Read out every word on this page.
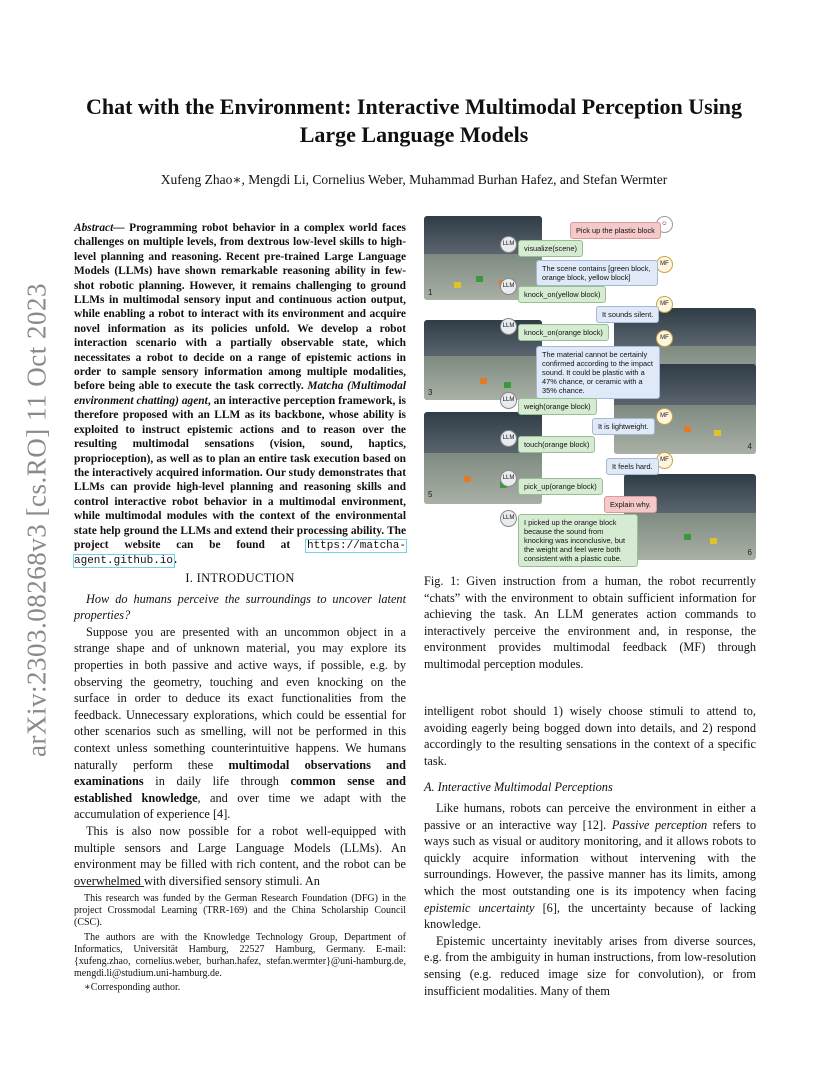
arXiv:2303.08268v3 [cs.RO] 11 Oct 2023
Chat with the Environment: Interactive Multimodal Perception Using Large Language Models
Xufeng Zhao∗, Mengdi Li, Cornelius Weber, Muhammad Burhan Hafez, and Stefan Wermter
Abstract— Programming robot behavior in a complex world faces challenges on multiple levels, from dextrous low-level skills to high-level planning and reasoning. Recent pre-trained Large Language Models (LLMs) have shown remarkable reasoning ability in few-shot robotic planning. However, it remains challenging to ground LLMs in multimodal sensory input and continuous action output, while enabling a robot to interact with its environment and acquire novel information as its policies unfold. We develop a robot interaction scenario with a partially observable state, which necessitates a robot to decide on a range of epistemic actions in order to sample sensory information among multiple modalities, before being able to execute the task correctly. Matcha (Multimodal environment chatting) agent, an interactive perception framework, is therefore proposed with an LLM as its backbone, whose ability is exploited to instruct epistemic actions and to reason over the resulting multimodal sensations (vision, sound, haptics, proprioception), as well as to plan an entire task execution based on the interactively acquired information. Our study demonstrates that LLMs can provide high-level planning and reasoning skills and control interactive robot behavior in a multimodal environment, while multimodal modules with the context of the environmental state help ground the LLMs and extend their processing ability. The project website can be found at https://matcha-agent.github.io.
I. INTRODUCTION

How do humans perceive the surroundings to uncover latent properties?

Suppose you are presented with an uncommon object in a strange shape and of unknown material, you may explore its properties in both passive and active ways, if possible, e.g. by observing the geometry, touching and even knocking on the surface in order to deduce its exact functionalities from the feedback. Unnecessary explorations, which could be essential for other scenarios such as smelling, will not be performed in this context unless something counterintuitive happens. We humans naturally perform these multimodal observations and examinations in daily life through common sense and established knowledge, and over time we adapt with the accumulation of experience [4].

This is also now possible for a robot well-equipped with multiple sensors and Large Language Models (LLMs). An environment may be filled with rich content, and the robot can be overwhelmed with diversified sensory stimuli. An

This research was funded by the German Research Foundation (DFG) in the project Crossmodal Learning (TRR-169) and the China Scholarship Council (CSC).

The authors are with the Knowledge Technology Group, Department of Informatics, Universität Hamburg, 22527 Hamburg, Germany. E-mail: {xufeng.zhao, cornelius.weber, burhan.hafez, stefan.wermter}@uni-hamburg.de, mengdi.li@studium.uni-hamburg.de.

∗Corresponding author.

1
3
4
5
6
☺
Pick up the plastic block
LLM	visualize(scene)
MF
The scene contains [green block, orange block, yellow block]
LLM
knock_on(yellow block)
MF
It sounds silent.
LLM
knock_on(orange block)
MF
The material cannot be certainly confirmed according to the impact sound. It could be plastic with a 47% chance, or ceramic with a 35% chance.
LLM
weigh(orange block)
MF
It is lightweight.
LLM
touch(orange block)
MF
It feels hard.
LLM
pick_up(orange block)
Explain why.
LLM	I picked up the orange block because the sound from knocking was inconclusive, but the weight and feel were both consistent with a plastic cube.
Fig. 1: Given instruction from a human, the robot recurrently “chats” with the environment to obtain sufficient information for achieving the task. An LLM generates action commands to interactively perceive the environment and, in response, the environment provides multimodal feedback (MF) through multimodal perception modules.

intelligent robot should 1) wisely choose stimuli to attend to, avoiding eagerly being bogged down into details, and 2) respond accordingly to the resulting sensations in the context of a specific task.

A. Interactive Multimodal Perceptions

Like humans, robots can perceive the environment in either a passive or an interactive way [12]. Passive perception refers to ways such as visual or auditory monitoring, and it allows robots to quickly acquire information without intervening with the surroundings. However, the passive manner has its limits, among which the most outstanding one is its impotency when facing epistemic uncertainty [6], the uncertainty because of lacking knowledge.

Epistemic uncertainty inevitably arises from diverse sources, e.g. from the ambiguity in human instructions, from low-resolution sensing (e.g. reduced image size for convolution), or from insufficient modalities. Many of them
